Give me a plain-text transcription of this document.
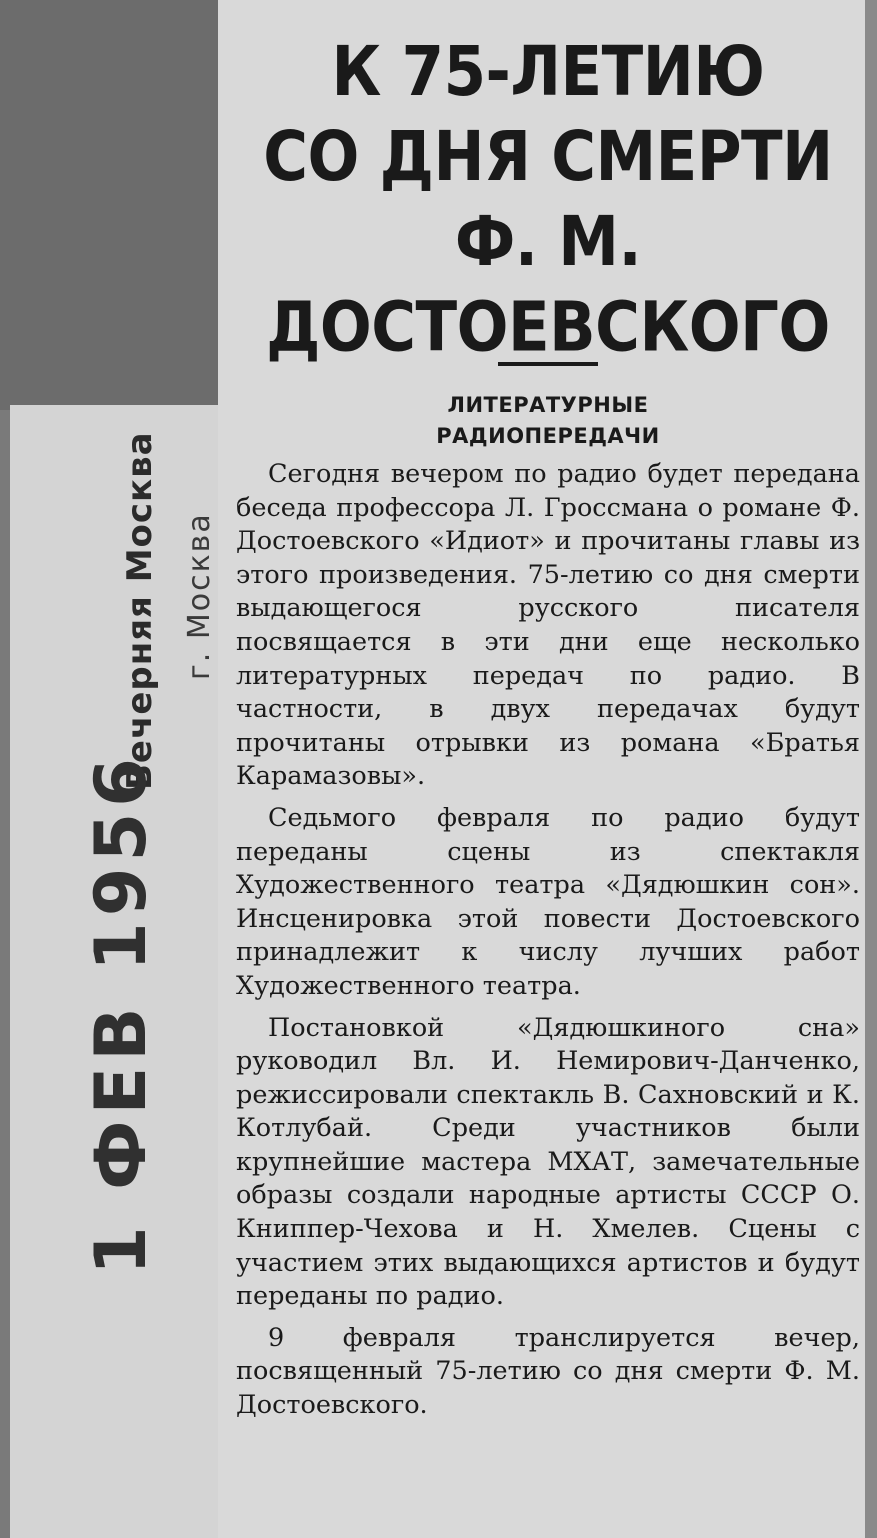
Вечерняя Москва г. Москва
1 ФЕВ 1956
К 75-ЛЕТИЮ
СО ДНЯ СМЕРТИ
Ф. М. ДОСТОЕВСКОГО
ЛИТЕРАТУРНЫЕ
РАДИОПЕРЕДАЧИ

Сегодня вечером по радио будет передана беседа профессора Л. Гроссмана о романе Ф. Достоевского «Идиот» и прочитаны главы из этого произведения. 75-летию со дня смерти выдающегося русского писателя посвящается в эти дни еще несколько литературных передач по радио. В частности, в двух передачах будут прочитаны отрывки из романа «Братья Карамазовы».

Седьмого февраля по радио будут переданы сцены из спектакля Художественного театра «Дядюшкин сон». Инсценировка этой повести Достоевского принадлежит к числу лучших работ Художественного театра.

Постановкой «Дядюшкиного сна» руководил Вл. И. Немирович-Данченко, режиссировали спектакль В. Сахновский и К. Котлубай. Среди участников были крупнейшие мастера МХАТ, замечательные образы создали народные артисты СССР О. Книппер-Чехова и Н. Хмелев. Сцены с участием этих выдающихся артистов и будут переданы по радио.

9 февраля транслируется вечер, посвященный 75-летию со дня смерти Ф. М. Достоевского.
